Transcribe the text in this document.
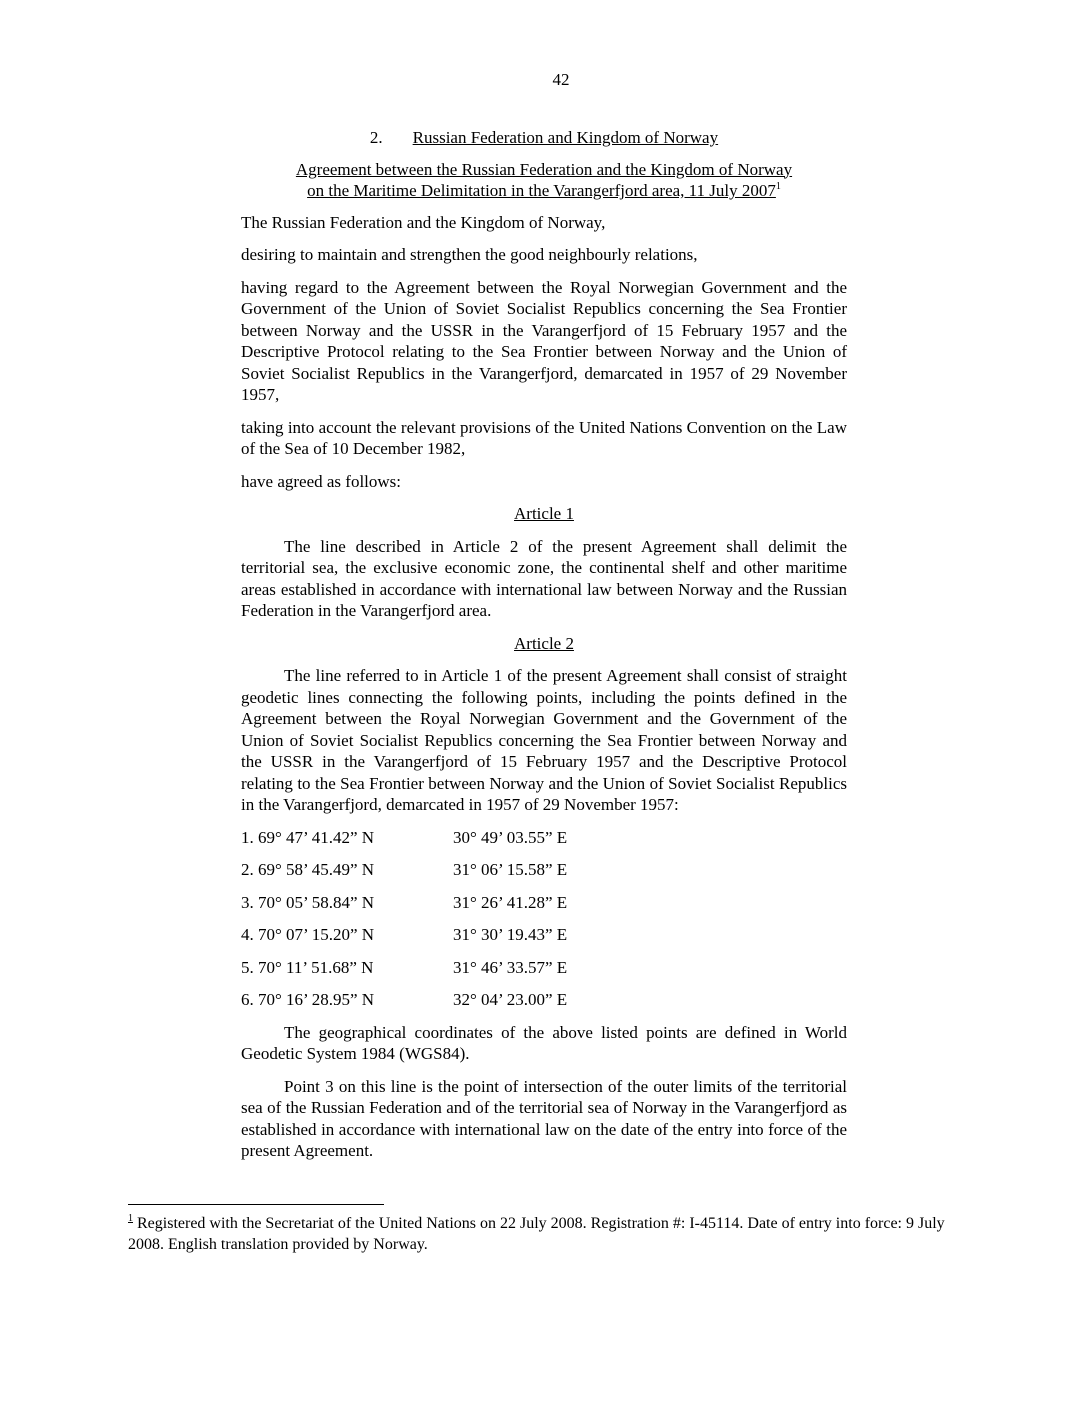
42
2. Russian Federation and Kingdom of Norway
Agreement between the Russian Federation and the Kingdom of Norway
on the Maritime Delimitation in the Varangerfjord area, 11 July 2007$^1$

The Russian Federation and the Kingdom of Norway,

desiring to maintain and strengthen the good neighbourly relations,

having regard to the Agreement between the Royal Norwegian Government and the Government of the Union of Soviet Socialist Republics concerning the Sea Frontier between Norway and the USSR in the Varangerfjord of 15 February 1957 and the Descriptive Protocol relating to the Sea Frontier between Norway and the Union of Soviet Socialist Republics in the Varangerfjord, demarcated in 1957 of 29 November 1957,

taking into account the relevant provisions of the United Nations Convention on the Law of the Sea of 10 December 1982,

have agreed as follows:

Article 1

The line described in Article 2 of the present Agreement shall delimit the territorial sea, the exclusive economic zone, the continental shelf and other maritime areas established in accordance with international law between Norway and the Russian Federation in the Varangerfjord area.

Article 2

The line referred to in Article 1 of the present Agreement shall consist of straight geodetic lines connecting the following points, including the points defined in the Agreement between the Royal Norwegian Government and the Government of the Union of Soviet Socialist Republics concerning the Sea Frontier between Norway and the USSR in the Varangerfjord of 15 February 1957 and the Descriptive Protocol relating to the Sea Frontier between Norway and the Union of Soviet Socialist Republics in the Varangerfjord, demarcated in 1957 of 29 November 1957:

1. 69° 47’ 41.42” N	30° 49’ 03.55” E
2. 69° 58’ 45.49” N	31° 06’ 15.58” E
3. 70° 05’ 58.84” N	31° 26’ 41.28” E
4. 70° 07’ 15.20” N	31° 30’ 19.43” E
5. 70° 11’ 51.68” N	31° 46’ 33.57” E
6. 70° 16’ 28.95” N	32° 04’ 23.00” E

The geographical coordinates of the above listed points are defined in World Geodetic System 1984 (WGS84).

Point 3 on this line is the point of intersection of the outer limits of the territorial sea of the Russian Federation and of the territorial sea of Norway in the Varangerfjord as established in accordance with international law on the date of the entry into force of the present Agreement.

$^1$ Registered with the Secretariat of the United Nations on 22 July 2008. Registration #: I-45114. Date of entry into force: 9 July 2008. English translation provided by Norway.
